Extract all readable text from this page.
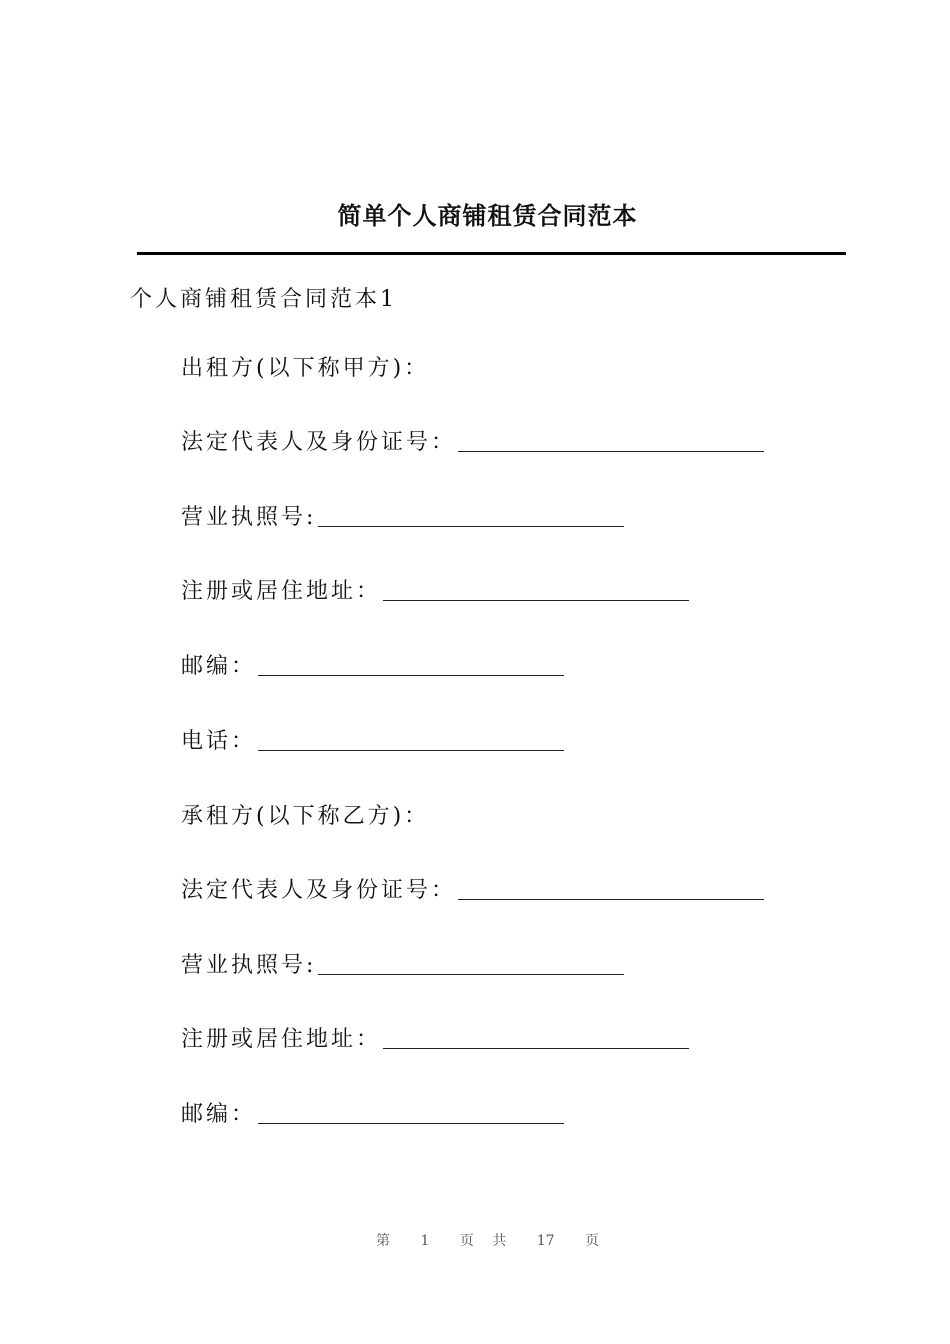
简单个人商铺租赁合同范本
个人商铺租赁合同范本1
出租方(以下称甲方)：
法定代表人及身份证号：
营业执照号:
注册或居住地址：
邮编：
电话：
承租方(以下称乙方)：
法定代表人及身份证号：
营业执照号:
注册或居住地址：
邮编：
第 1 页 共 17 页
